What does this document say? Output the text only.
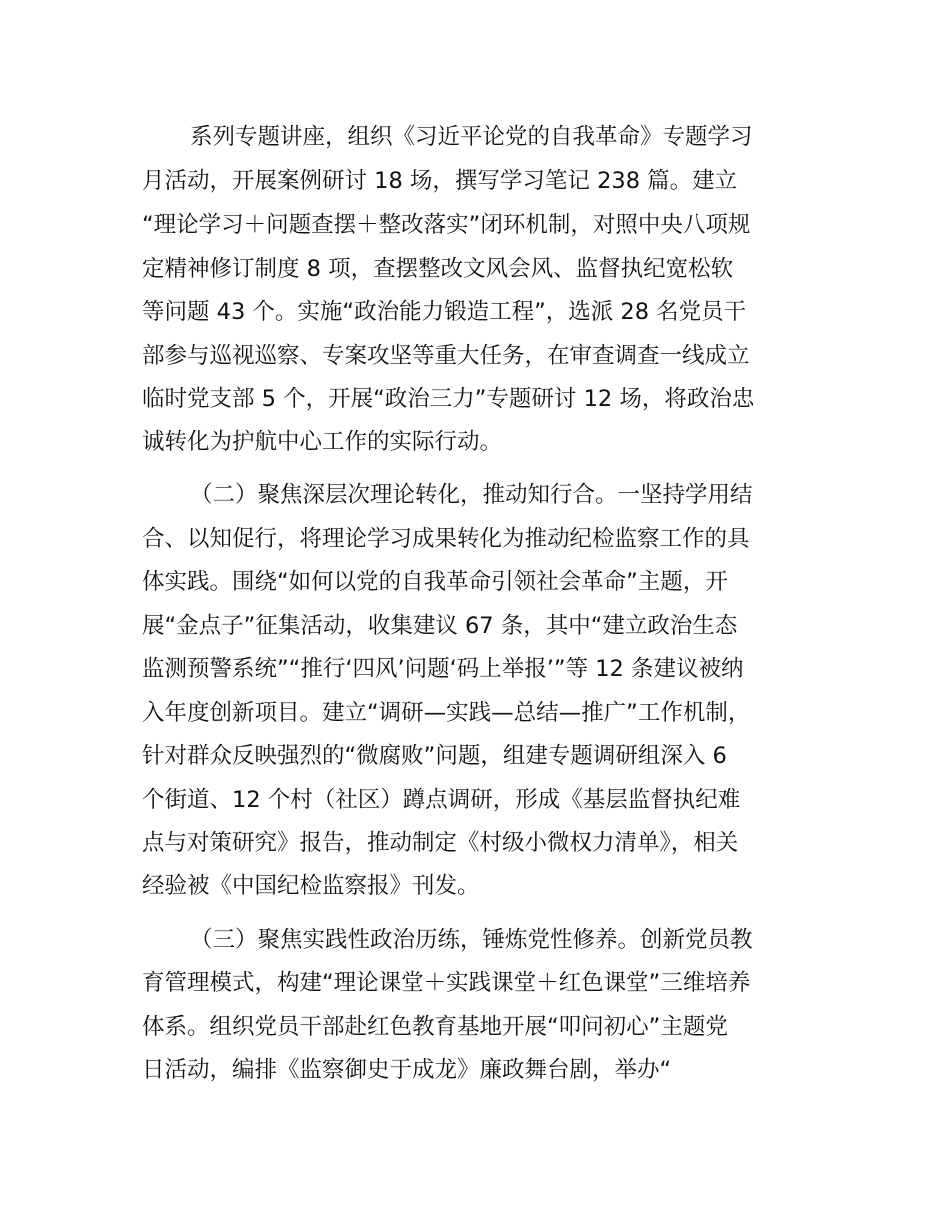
系列专题讲座，组织《习近平论党的自我革命》专题学习
月活动，开展案例研讨 18 场，撰写学习笔记 238 篇。建立
“理论学习＋问题查摆＋整改落实”闭环机制，对照中央八项规
定精神修订制度 8 项，查摆整改文风会风、监督执纪宽松软
等问题 43 个。实施“政治能力锻造工程”，选派 28 名党员干
部参与巡视巡察、专案攻坚等重大任务，在审查调查一线成立
临时党支部 5 个，开展“政治三力”专题研讨 12 场，将政治忠
诚转化为护航中心工作的实际行动。
（二）聚焦深层次理论转化，推动知行合。一坚持学用结
合、以知促行，将理论学习成果转化为推动纪检监察工作的具
体实践。围绕“如何以党的自我革命引领社会革命”主题，开
展“金点子”征集活动，收集建议 67 条，其中“建立政治生态
监测预警系统”“推行‘四风’问题‘码上举报’”等 12 条建议被纳
入年度创新项目。建立“调研—实践—总结—推广”工作机制，
针对群众反映强烈的“微腐败”问题，组建专题调研组深入 6
个街道、12 个村（社区）蹲点调研，形成《基层监督执纪难
点与对策研究》报告，推动制定《村级小微权力清单》，相关
经验被《中国纪检监察报》刊发。
（三）聚焦实践性政治历练，锤炼党性修养。创新党员教
育管理模式，构建“理论课堂＋实践课堂＋红色课堂”三维培养
体系。组织党员干部赴红色教育基地开展“叩问初心”主题党
日活动，编排《监察御史于成龙》廉政舞台剧，举办“
